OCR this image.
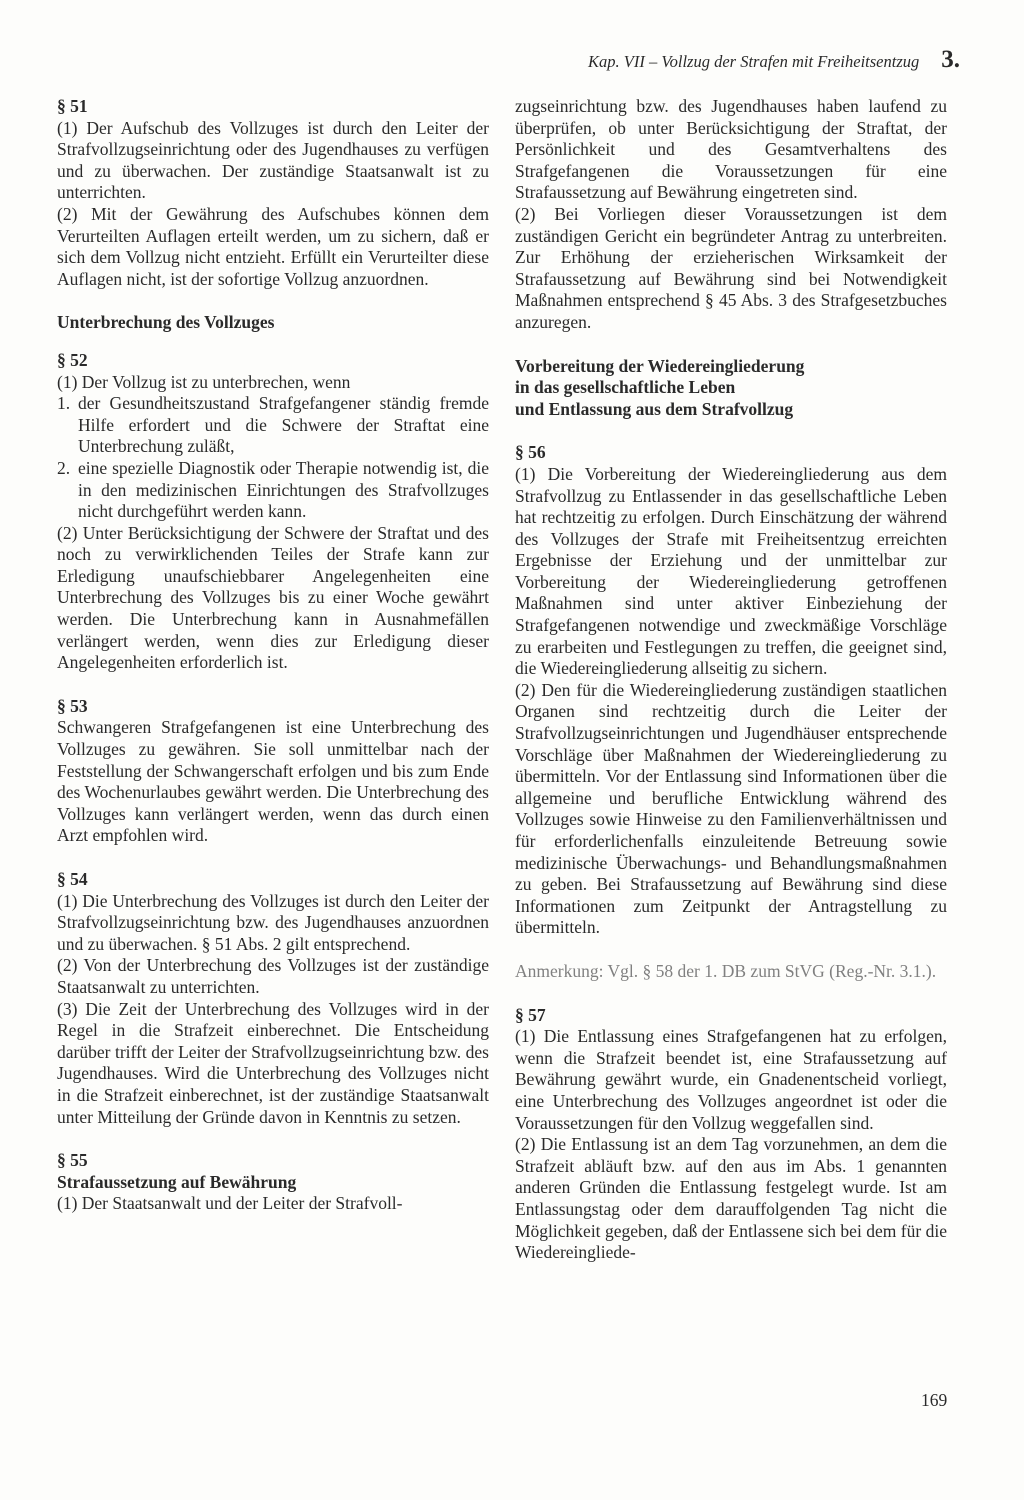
Kap. VII – Vollzug der Strafen mit Freiheitsentzug 3.

§ 51

(1) Der Aufschub des Vollzuges ist durch den Leiter der Strafvollzugseinrichtung oder des Jugendhauses zu verfügen und zu überwachen. Der zuständige Staatsanwalt ist zu unterrichten.

(2) Mit der Gewährung des Aufschubes können dem Verurteilten Auflagen erteilt werden, um zu sichern, daß er sich dem Vollzug nicht entzieht. Erfüllt ein Verurteilter diese Auflagen nicht, ist der sofortige Vollzug anzuordnen.

Unterbrechung des Vollzuges

§ 52

(1) Der Vollzug ist zu unterbrechen, wenn

1. der Gesundheitszustand Strafgefangener ständig fremde Hilfe erfordert und die Schwere der Straftat eine Unterbrechung zuläßt,
2. eine spezielle Diagnostik oder Therapie notwendig ist, die in den medizinischen Einrichtungen des Strafvollzuges nicht durchgeführt werden kann.

(2) Unter Berücksichtigung der Schwere der Straftat und des noch zu verwirklichenden Teiles der Strafe kann zur Erledigung unaufschiebbarer Angelegenheiten eine Unterbrechung des Vollzuges bis zu einer Woche gewährt werden. Die Unterbrechung kann in Ausnahmefällen verlängert werden, wenn dies zur Erledigung dieser Angelegenheiten erforderlich ist.

§ 53

Schwangeren Strafgefangenen ist eine Unterbrechung des Vollzuges zu gewähren. Sie soll unmittelbar nach der Feststellung der Schwangerschaft erfolgen und bis zum Ende des Wochenurlaubes gewährt werden. Die Unterbrechung des Vollzuges kann verlängert werden, wenn das durch einen Arzt empfohlen wird.

§ 54

(1) Die Unterbrechung des Vollzuges ist durch den Leiter der Strafvollzugseinrichtung bzw. des Jugendhauses anzuordnen und zu überwachen. § 51 Abs. 2 gilt entsprechend.

(2) Von der Unterbrechung des Vollzuges ist der zuständige Staatsanwalt zu unterrichten.

(3) Die Zeit der Unterbrechung des Vollzuges wird in der Regel in die Strafzeit einberechnet. Die Entscheidung darüber trifft der Leiter der Strafvollzugseinrichtung bzw. des Jugendhauses. Wird die Unterbrechung des Vollzuges nicht in die Strafzeit einberechnet, ist der zuständige Staatsanwalt unter Mitteilung der Gründe davon in Kenntnis zu setzen.

§ 55

Strafaussetzung auf Bewährung

(1) Der Staatsanwalt und der Leiter der Strafvoll-

zugseinrichtung bzw. des Jugendhauses haben laufend zu überprüfen, ob unter Berücksichtigung der Straftat, der Persönlichkeit und des Gesamtverhaltens des Strafgefangenen die Voraussetzungen für eine Strafaussetzung auf Bewährung eingetreten sind.

(2) Bei Vorliegen dieser Voraussetzungen ist dem zuständigen Gericht ein begründeter Antrag zu unterbreiten. Zur Erhöhung der erzieherischen Wirksamkeit der Strafaussetzung auf Bewährung sind bei Notwendigkeit Maßnahmen entsprechend § 45 Abs. 3 des Strafgesetzbuches anzuregen.

Vorbereitung der Wiedereingliederung

in das gesellschaftliche Leben

und Entlassung aus dem Strafvollzug

§ 56

(1) Die Vorbereitung der Wiedereingliederung aus dem Strafvollzug zu Entlassender in das gesellschaftliche Leben hat rechtzeitig zu erfolgen. Durch Einschätzung der während des Vollzuges der Strafe mit Freiheitsentzug erreichten Ergebnisse der Erziehung und der unmittelbar zur Vorbereitung der Wiedereingliederung getroffenen Maßnahmen sind unter aktiver Einbeziehung der Strafgefangenen notwendige und zweckmäßige Vorschläge zu erarbeiten und Festlegungen zu treffen, die geeignet sind, die Wiedereingliederung allseitig zu sichern.

(2) Den für die Wiedereingliederung zuständigen staatlichen Organen sind rechtzeitig durch die Leiter der Strafvollzugseinrichtungen und Jugendhäuser entsprechende Vorschläge über Maßnahmen der Wiedereingliederung zu übermitteln. Vor der Entlassung sind Informationen über die allgemeine und berufliche Entwicklung während des Vollzuges sowie Hinweise zu den Familienverhältnissen und für erforderlichenfalls einzuleitende Betreuung sowie medizinische Überwachungs- und Behandlungsmaßnahmen zu geben. Bei Strafaussetzung auf Bewährung sind diese Informationen zum Zeitpunkt der Antragstellung zu übermitteln.

Anmerkung: Vgl. § 58 der 1. DB zum StVG (Reg.-Nr. 3.1.).

§ 57

(1) Die Entlassung eines Strafgefangenen hat zu erfolgen, wenn die Strafzeit beendet ist, eine Strafaussetzung auf Bewährung gewährt wurde, ein Gnadenentscheid vorliegt, eine Unterbrechung des Vollzuges angeordnet ist oder die Voraussetzungen für den Vollzug weggefallen sind.

(2) Die Entlassung ist an dem Tag vorzunehmen, an dem die Strafzeit abläuft bzw. auf den aus im Abs. 1 genannten anderen Gründen die Entlassung festgelegt wurde. Ist am Entlassungstag oder dem darauffolgenden Tag nicht die Möglichkeit gegeben, daß der Entlassene sich bei dem für die Wiedereingliede-

169
